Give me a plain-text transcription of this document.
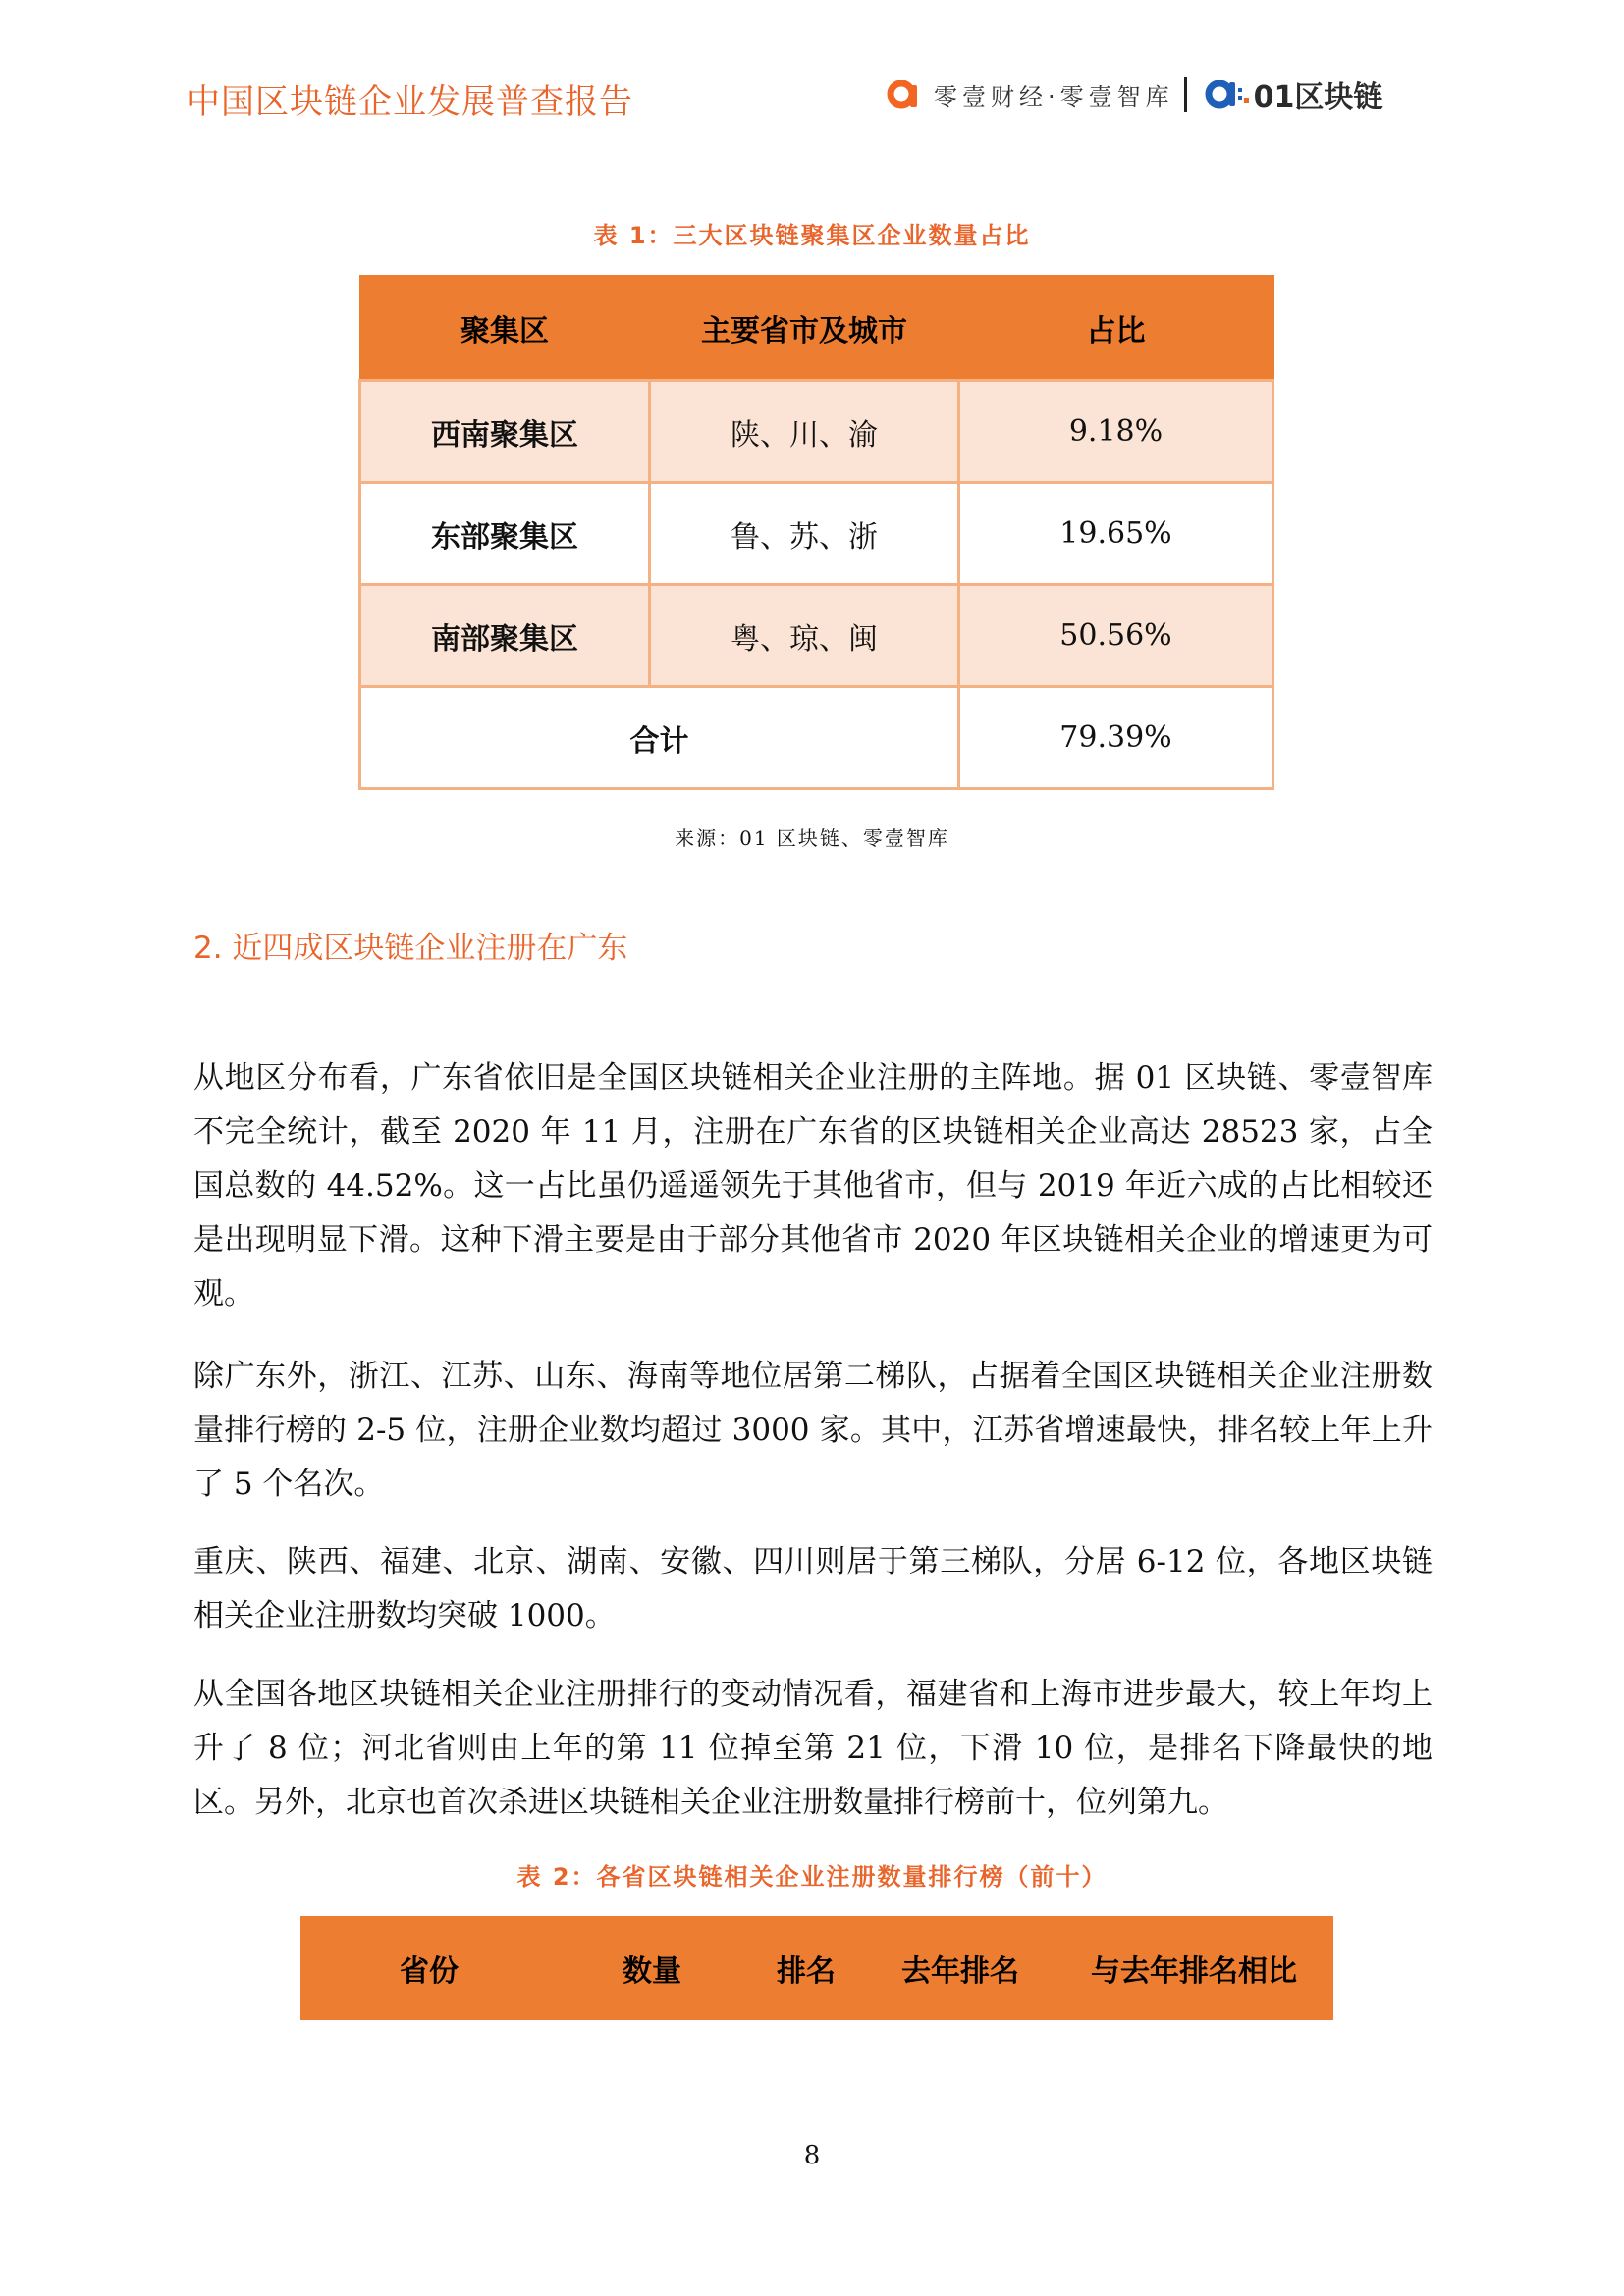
中国区块链企业发展普查报告	零壹财经·零壹智库	01区块链
表 1：三大区块链聚集区企业数量占比
聚集区	主要省市及城市	占比
西南聚集区	陕、川、渝	9.18%
东部聚集区	鲁、苏、浙	19.65%
南部聚集区	粤、琼、闽	50.56%
合计		79.39%
来源：01 区块链、零壹智库
2. 近四成区块链企业注册在广东

从地区分布看，广东省依旧是全国区块链相关企业注册的主阵地。据 01 区块链、零壹智库不完全统计，截至 2020 年 11 月，注册在广东省的区块链相关企业高达 28523 家，占全国总数的 44.52%。这一占比虽仍遥遥领先于其他省市，但与 2019 年近六成的占比相较还是出现明显下滑。这种下滑主要是由于部分其他省市 2020 年区块链相关企业的增速更为可观。

除广东外，浙江、江苏、山东、海南等地位居第二梯队，占据着全国区块链相关企业注册数量排行榜的 2-5 位，注册企业数均超过 3000 家。其中，江苏省增速最快，排名较上年上升了 5 个名次。

重庆、陕西、福建、北京、湖南、安徽、四川则居于第三梯队，分居 6-12 位，各地区块链相关企业注册数均突破 1000。

从全国各地区块链相关企业注册排行的变动情况看，福建省和上海市进步最大，较上年均上升了 8 位；河北省则由上年的第 11 位掉至第 21 位，下滑 10 位，是排名下降最快的地区。另外，北京也首次杀进区块链相关企业注册数量排行榜前十，位列第九。

表 2：各省区块链相关企业注册数量排行榜（前十）
省份	数量	排名	去年排名	与去年排名相比
8
